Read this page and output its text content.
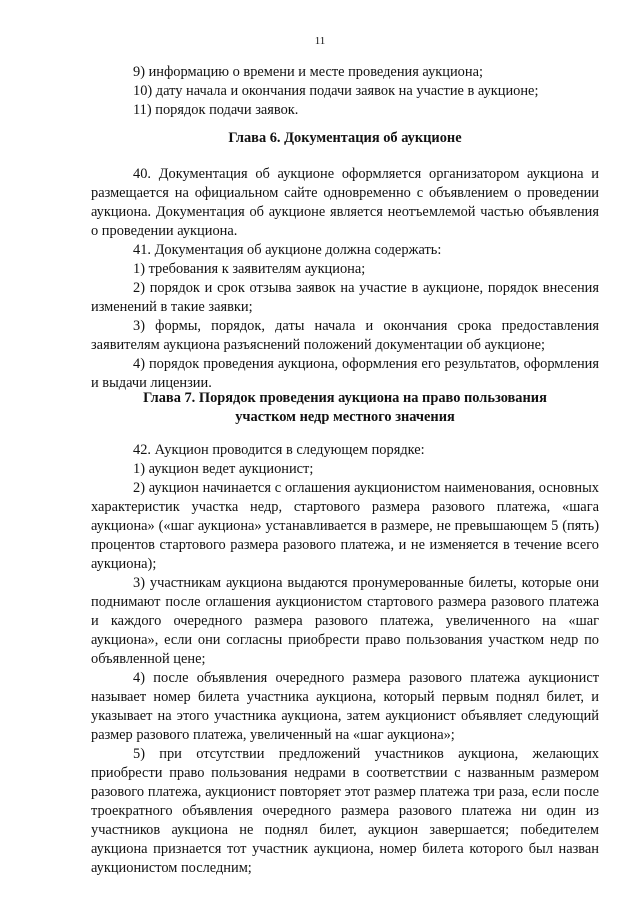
11

9) информацию о времени и месте проведения аукциона;

10) дату начала и окончания подачи заявок на участие в аукционе;

11) порядок подачи заявок.

Глава 6. Документация об аукционе

40. Документация об аукционе оформляется организатором аукциона и размещается на официальном сайте одновременно с объявлением о проведении аукциона. Документация об аукционе является неотъемлемой частью объявления о проведении аукциона.

41. Документация об аукционе должна содержать:

1) требования к заявителям аукциона;

2) порядок и срок отзыва заявок на участие в аукционе, порядок внесения изменений в такие заявки;

3) формы, порядок, даты начала и окончания срока предоставления заявителям аукциона разъяснений положений документации об аукционе;

4) порядок проведения аукциона, оформления его результатов, оформления и выдачи лицензии.

Глава 7. Порядок проведения аукциона на право пользования
участком недр местного значения

42. Аукцион проводится в следующем порядке:

1) аукцион ведет аукционист;

2) аукцион начинается с оглашения аукционистом наименования, основных характеристик участка недр, стартового размера разового платежа, «шага аукциона» («шаг аукциона» устанавливается в размере, не превышающем 5 (пять) процентов стартового размера разового платежа, и не изменяется в течение всего аукциона);

3) участникам аукциона выдаются пронумерованные билеты, которые они поднимают после оглашения аукционистом стартового размера разового платежа и каждого очередного размера разового платежа, увеличенного на «шаг аукциона», если они согласны приобрести право пользования участком недр по объявленной цене;

4) после объявления очередного размера разового платежа аукционист называет номер билета участника аукциона, который первым поднял билет, и указывает на этого участника аукциона, затем аукционист объявляет следующий размер разового платежа, увеличенный на «шаг аукциона»;

5) при отсутствии предложений участников аукциона, желающих приобрести право пользования недрами в соответствии с названным размером разового платежа, аукционист повторяет этот размер платежа три раза, если после троекратного объявления очередного размера разового платежа ни один из участников аукциона не поднял билет, аукцион завершается; победителем аукциона признается тот участник аукциона, номер билета которого был назван аукционистом последним;
